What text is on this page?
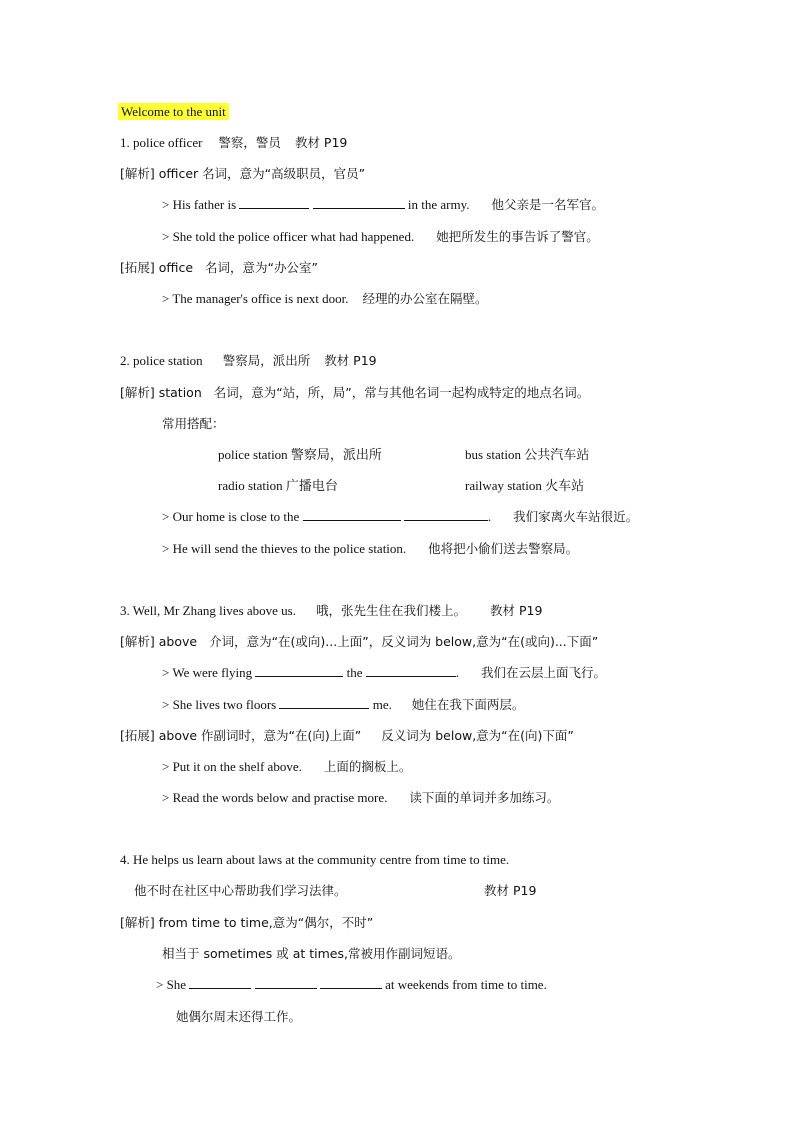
Welcome to the unit
1. police officer 警察，警员 教材 P19
[解析] officer 名词，意为“高级职员，官员”
> His father is	in the army. 他父亲是一名军官。
> She told the police officer what had happened. 她把所发生的事告诉了警官。
[拓展] office 名词，意为“办公室”
> The manager's office is next door. 经理的办公室在隔壁。
2. police station 警察局，派出所 教材 P19
[解析] station 名词，意为“站，所，局”，常与其他名词一起构成特定的地点名词。
常用搭配：
police station 警察局，派出所	bus station 公共汽车站
radio station 广播电台	railway station 火车站
> Our home is close to the	. 我们家离火车站很近。
> He will send the thieves to the police station. 他将把小偷们送去警察局。
3. Well, Mr Zhang lives above us. 哦，张先生住在我们楼上。 教材 P19
[解析] above 介词，意为“在(或向)...上面”，反义词为 below,意为“在(或向)...下面”
> We were flying	the	. 我们在云层上面飞行。
> She lives two floors	me. 她住在我下面两层。
[拓展] above 作副词时，意为“在(向)上面” 反义词为 below,意为“在(向)下面”
> Put it on the shelf above. 上面的搁板上。
> Read the words below and practise more. 读下面的单词并多加练习。
4. He helps us learn about laws at the community centre from time to time.
他不时在社区中心帮助我们学习法律。	教材 P19
[解析] from time to time,意为“偶尔，不时”
相当于 sometimes 或 at times,常被用作副词短语。
> She	at weekends from time to time.
她偶尔周末还得工作。
